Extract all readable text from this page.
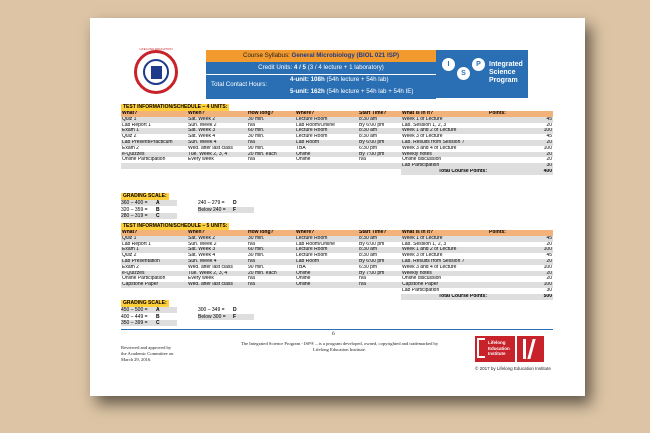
LIFELONG EDUCATION
Course Syllabus: General Microbiology (BIOL 021 ISP)
Credit Units: 4 / 5 (3 / 4 lecture + 1 laboratory)
Total Contact Hours:
4-unit: 108h (54h lecture + 54h lab)
5-unit: 162h (54h lecture + 54h lab + 54h IE)
I
S
P	Integrated
Science
Program
TEST INFORMATION/SCHEDULE – 4 UNITS:
What?	When?	How long?	Where?	Start Time?	What is in it?	Points:
Quiz 1	Sat. Week 2	30 min.	Lecture Room	8:30 am	Week 1 of Lecture	45
Lab Report 1	Sun. Week 2	n/a	Lab Room/Online	By 6:00 pm	Lab. Session 1, 2, 3	20
Exam 1	Sat. Week 3	60 min.	Lecture Room	8:30 am	Week 1 and 2 of Lecture	100
Quiz 2	Sat. Week 4	30 min.	Lecture Room	8:30 am	Week 3 of Lecture	45
Lab Present/Practicum	Sun. Week 4	n/a	Lab Room	By 6:00 pm	Lab. Results from Session 7	20
Exam 2	Wed. after last class	90 min.	TBA	6:30 pm	Week 3 and 4 of Lecture	100
e-Quizzes	Tue. Week 2, 3, 4	20 min. each	Online	By 7:00 pm	Weekly notes	20
Online Participation	Every week	n/a	Online	n/a	Online discussion	20
					Lab Participation	30
					Total Course Points:	400
GRADING SCALE:
360 – 400 = A
320 – 359 = B
280 – 319 = C
240 – 279 = D
Below 240 = F
TEST INFORMATION/SCHEDULE – 5 UNITS:
What?	When?	How long?	Where?	Start Time?	What is in it?	Points:
Quiz 1	Sat. Week 2	30 min.	Lecture Room	8:30 am	Week 1 of Lecture	45
Lab Report 1	Sun. Week 2	n/a	Lab Room/Online	By 6:00 pm	Lab. Session 1, 2, 3	20
Exam 1	Sat. Week 3	60 min.	Lecture Room	8:30 am	Week 1 and 2 of Lecture	100
Quiz 2	Sat. Week 4	30 min.	Lecture Room	8:30 am	Week 3 of Lecture	45
Lab Presentation	Sun. Week 4	n/a	Lab Room	By 6:00 pm	Lab. Results from Session 7	20
Exam 2	Wed. after last class	90 min.	TBA	6:30 pm	Week 3 and 4 of Lecture	100
e-Quizzes	Tue. Week 2, 3, 4	20 min. each	Online	By 7:00 pm	Weekly notes	20
Online Participation	Every week	n/a	Online	n/a	Online discussion	20
Capstone Paper	Wed. after last class	n/a	Online	n/a	Capstone Paper	100
					Lab Participation	30
					Total Course Points:	500
GRADING SCALE:
450 – 500 = A
400 – 449 = B
350 – 399 = C
300 – 349 = D
Below 300 = F
6
Reviewed and approved by
the Academic Committee on
March 29, 2016.
The Integrated Science Program - ISP® – is a program developed, owned, copyrighted and trademarked by
Lifelong Education Institute.
Lifelong
Education
Institute
© 2017 by Lifelong Education Institute
